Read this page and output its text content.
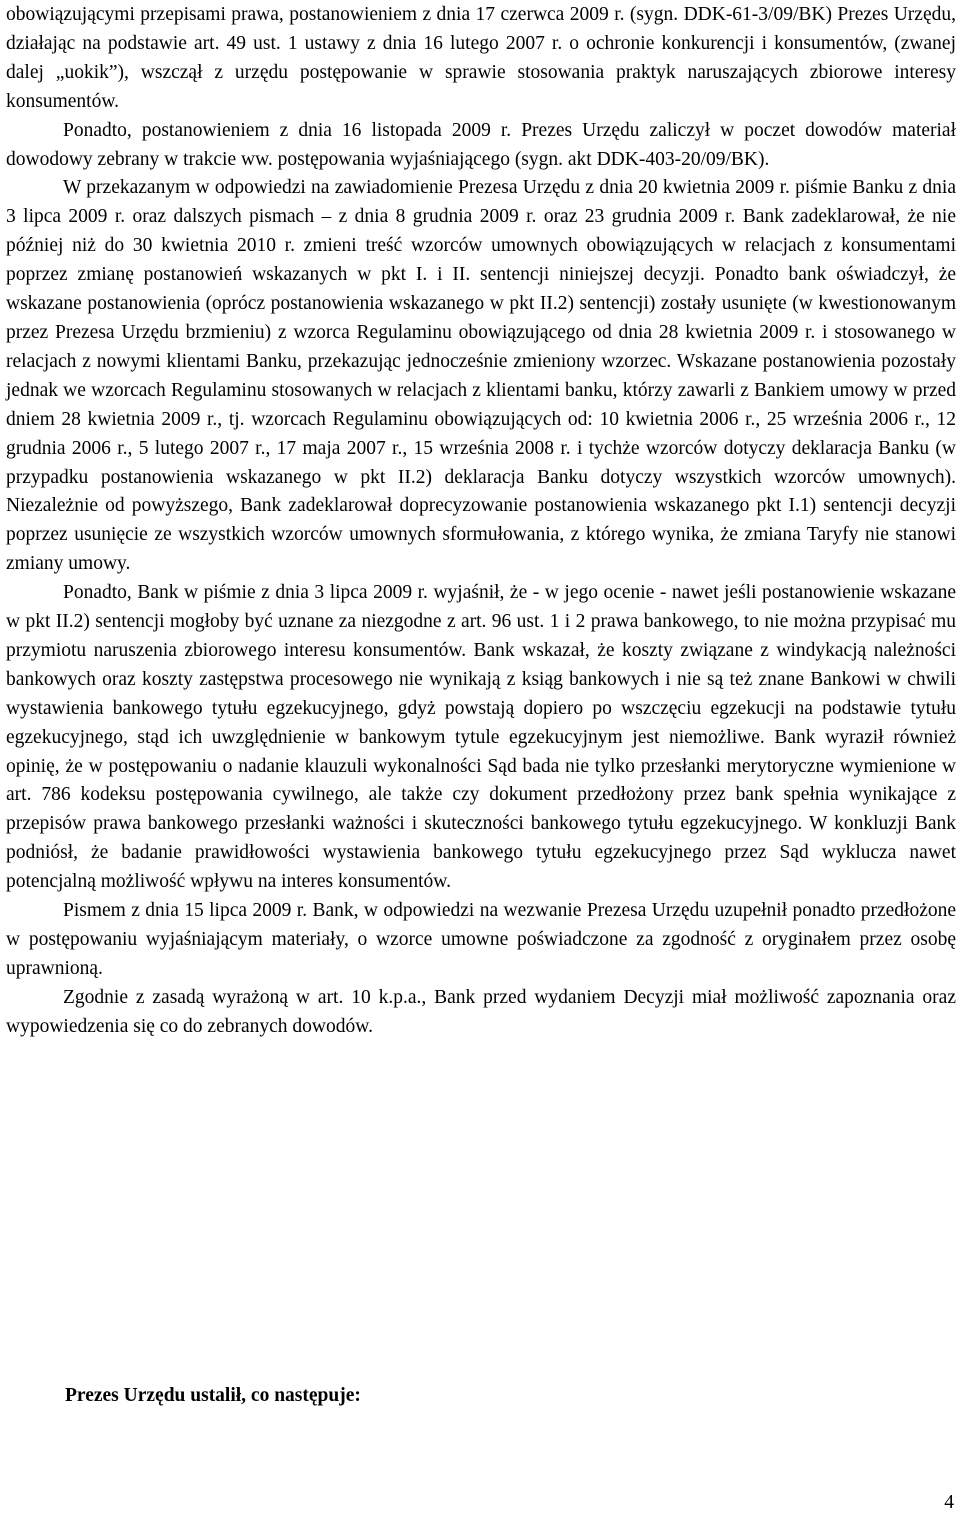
obowiązującymi przepisami prawa, postanowieniem z dnia 17 czerwca 2009 r. (sygn. DDK-61-3/09/BK) Prezes Urzędu, działając na podstawie art. 49 ust. 1 ustawy z dnia 16 lutego 2007 r. o ochronie konkurencji i konsumentów, (zwanej dalej „uokik”), wszczął z urzędu postępowanie w sprawie stosowania praktyk naruszających zbiorowe interesy konsumentów.

Ponadto, postanowieniem z dnia 16 listopada 2009 r. Prezes Urzędu zaliczył w poczet dowodów materiał dowodowy zebrany w trakcie ww. postępowania wyjaśniającego (sygn. akt DDK-403-20/09/BK).

W przekazanym w odpowiedzi na zawiadomienie Prezesa Urzędu z dnia 20 kwietnia 2009 r. piśmie Banku z dnia 3 lipca 2009 r. oraz dalszych pismach – z dnia 8 grudnia 2009 r. oraz 23 grudnia 2009 r. Bank zadeklarował, że nie później niż do 30 kwietnia 2010 r. zmieni treść wzorców umownych obowiązujących w relacjach z konsumentami poprzez zmianę postanowień wskazanych w pkt I. i II. sentencji niniejszej decyzji. Ponadto bank oświadczył, że wskazane postanowienia (oprócz postanowienia wskazanego w pkt II.2) sentencji) zostały usunięte (w kwestionowanym przez Prezesa Urzędu brzmieniu) z wzorca Regulaminu obowiązującego od dnia 28 kwietnia 2009 r. i stosowanego w relacjach z nowymi klientami Banku, przekazując jednocześnie zmieniony wzorzec. Wskazane postanowienia pozostały jednak we wzorcach Regulaminu stosowanych w relacjach z klientami banku, którzy zawarli z Bankiem umowy w przed dniem 28 kwietnia 2009 r., tj. wzorcach Regulaminu obowiązujących od: 10 kwietnia 2006 r., 25 września 2006 r., 12 grudnia 2006 r., 5 lutego 2007 r., 17 maja 2007 r., 15 września 2008 r. i tychże wzorców dotyczy deklaracja Banku (w przypadku postanowienia wskazanego w pkt II.2) deklaracja Banku dotyczy wszystkich wzorców umownych). Niezależnie od powyższego, Bank zadeklarował doprecyzowanie postanowienia wskazanego pkt I.1) sentencji decyzji poprzez usunięcie ze wszystkich wzorców umownych sformułowania, z którego wynika, że zmiana Taryfy nie stanowi zmiany umowy.

Ponadto, Bank w piśmie z dnia 3 lipca 2009 r. wyjaśnił, że - w jego ocenie - nawet jeśli postanowienie wskazane w pkt II.2) sentencji mogłoby być uznane za niezgodne z art. 96 ust. 1 i 2 prawa bankowego, to nie można przypisać mu przymiotu naruszenia zbiorowego interesu konsumentów. Bank wskazał, że koszty związane z windykacją należności bankowych oraz koszty zastępstwa procesowego nie wynikają z ksiąg bankowych i nie są też znane Bankowi w chwili wystawienia bankowego tytułu egzekucyjnego, gdyż powstają dopiero po wszczęciu egzekucji na podstawie tytułu egzekucyjnego, stąd ich uwzględnienie w bankowym tytule egzekucyjnym jest niemożliwe. Bank wyraził również opinię, że w postępowaniu o nadanie klauzuli wykonalności Sąd bada nie tylko przesłanki merytoryczne wymienione w art. 786 kodeksu postępowania cywilnego, ale także czy dokument przedłożony przez bank spełnia wynikające z przepisów prawa bankowego przesłanki ważności i skuteczności bankowego tytułu egzekucyjnego. W konkluzji Bank podniósł, że badanie prawidłowości wystawienia bankowego tytułu egzekucyjnego przez Sąd wyklucza nawet potencjalną możliwość wpływu na interes konsumentów.

Pismem z dnia 15 lipca 2009 r. Bank, w odpowiedzi na wezwanie Prezesa Urzędu uzupełnił ponadto przedłożone w postępowaniu wyjaśniającym materiały, o wzorce umowne poświadczone za zgodność z oryginałem przez osobę uprawnioną.

Zgodnie z zasadą wyrażoną w art. 10 k.p.a., Bank przed wydaniem Decyzji miał możliwość zapoznania oraz wypowiedzenia się co do zebranych dowodów.

Prezes Urzędu ustalił, co następuje:

4
